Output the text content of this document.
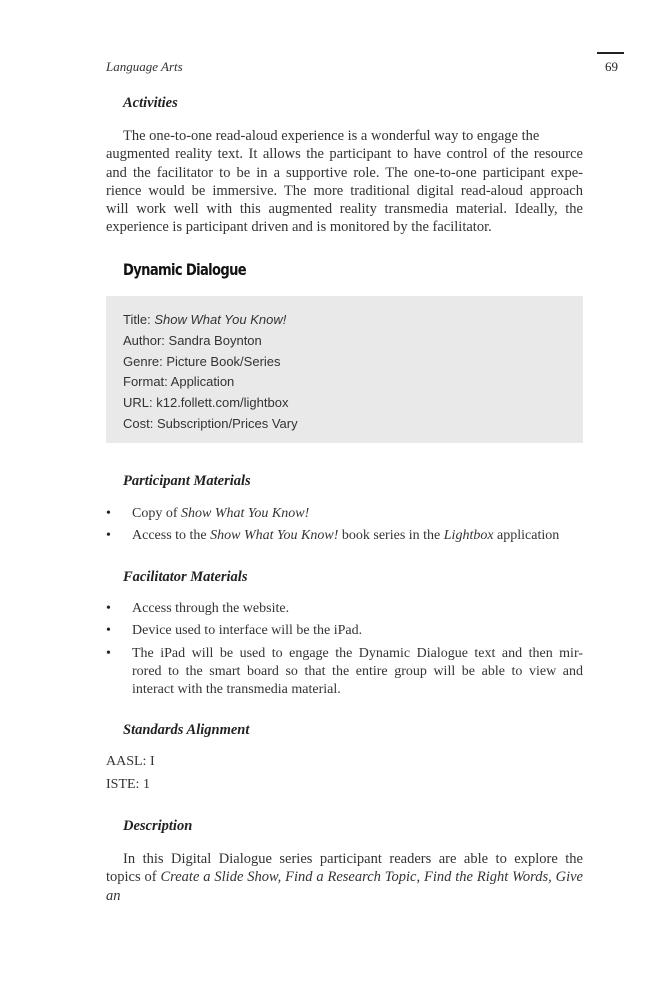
Language Arts	69
Activities
The one-to-one read-aloud experience is a wonderful way to engage the
augmented reality text. It allows the participant to have control of the resource
and the facilitator to be in a supportive role. The one-to-one participant expe-
rience would be immersive. The more traditional digital read-aloud approach
will work well with this augmented reality transmedia material. Ideally, the
experience is participant driven and is monitored by the facilitator.
Dynamic Dialogue
Title: Show What You Know!
Author: Sandra Boynton
Genre: Picture Book/Series
Format: Application
URL: k12.follett.com/lightbox
Cost: Subscription/Prices Vary
Participant Materials
• Copy of Show What You Know!
• Access to the Show What You Know! book series in the Lightbox application
Facilitator Materials
• Access through the website.
• Device used to interface will be the iPad.
• The iPad will be used to engage the Dynamic Dialogue text and then mir-
rored to the smart board so that the entire group will be able to view and
interact with the transmedia material.
Standards Alignment
AASL: I
ISTE: 1
Description
In this Digital Dialogue series participant readers are able to explore the
topics of Create a Slide Show, Find a Research Topic, Find the Right Words, Give an
